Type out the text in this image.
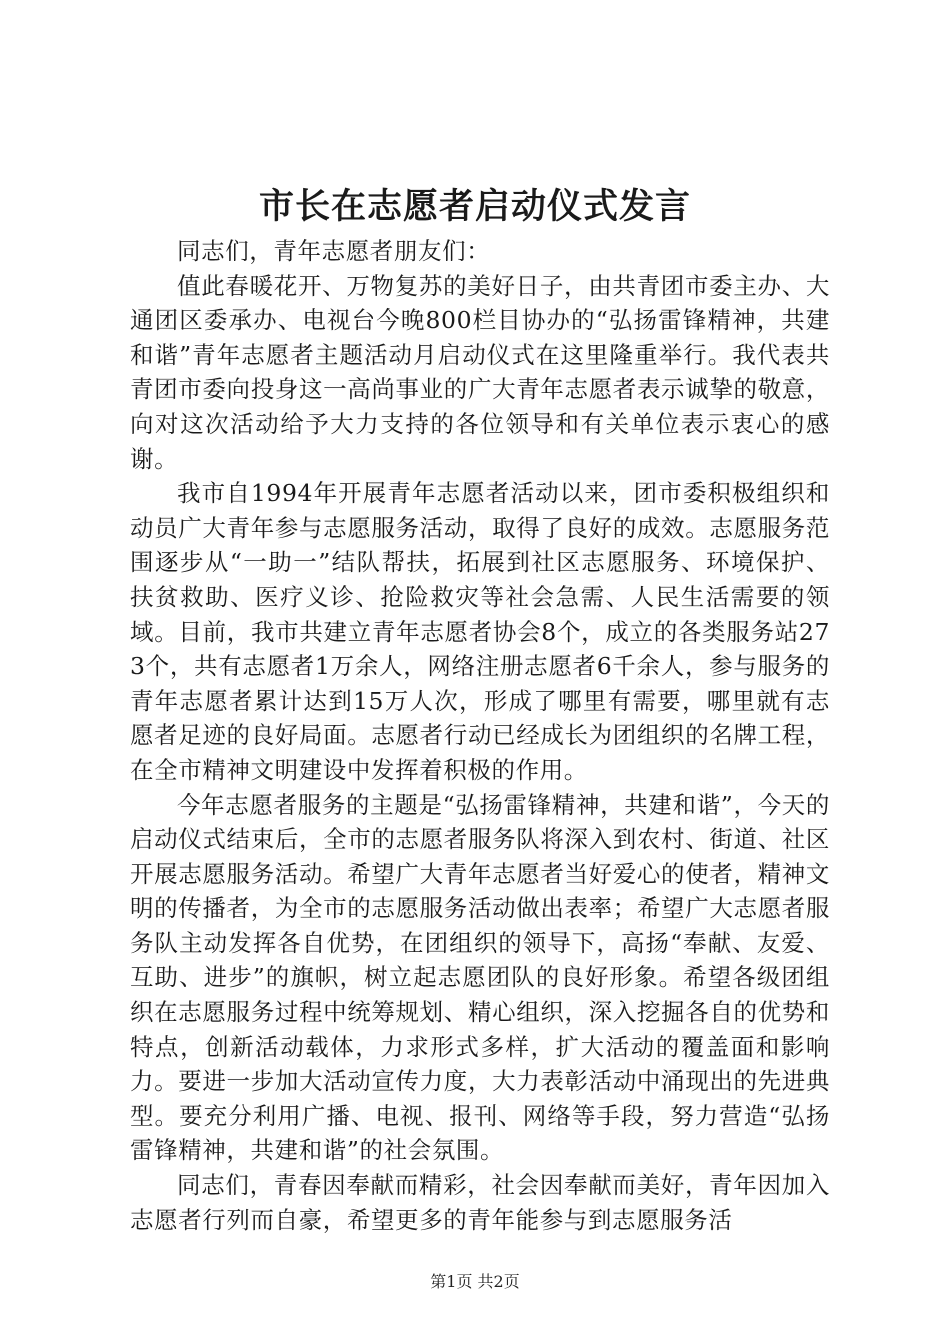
市长在志愿者启动仪式发言

同志们，青年志愿者朋友们：

值此春暖花开、万物复苏的美好日子，由共青团市委主办、大通团区委承办、电视台今晚800栏目协办的“弘扬雷锋精神，共建和谐”青年志愿者主题活动月启动仪式在这里隆重举行。我代表共青团市委向投身这一高尚事业的广大青年志愿者表示诚挚的敬意，向对这次活动给予大力支持的各位领导和有关单位表示衷心的感谢。

我市自1994年开展青年志愿者活动以来，团市委积极组织和动员广大青年参与志愿服务活动，取得了良好的成效。志愿服务范围逐步从“一助一”结队帮扶，拓展到社区志愿服务、环境保护、扶贫救助、医疗义诊、抢险救灾等社会急需、人民生活需要的领域。目前，我市共建立青年志愿者协会8个，成立的各类服务站273个，共有志愿者1万余人，网络注册志愿者6千余人，参与服务的青年志愿者累计达到15万人次，形成了哪里有需要，哪里就有志愿者足迹的良好局面。志愿者行动已经成长为团组织的名牌工程，在全市精神文明建设中发挥着积极的作用。

今年志愿者服务的主题是“弘扬雷锋精神，共建和谐”，今天的启动仪式结束后，全市的志愿者服务队将深入到农村、街道、社区开展志愿服务活动。希望广大青年志愿者当好爱心的使者，精神文明的传播者，为全市的志愿服务活动做出表率；希望广大志愿者服务队主动发挥各自优势，在团组织的领导下，高扬“奉献、友爱、互助、进步”的旗帜，树立起志愿团队的良好形象。希望各级团组织在志愿服务过程中统筹规划、精心组织，深入挖掘各自的优势和特点，创新活动载体，力求形式多样，扩大活动的覆盖面和影响力。要进一步加大活动宣传力度，大力表彰活动中涌现出的先进典型。要充分利用广播、电视、报刊、网络等手段，努力营造“弘扬雷锋精神，共建和谐”的社会氛围。

同志们，青春因奉献而精彩，社会因奉献而美好，青年因加入志愿者行列而自豪，希望更多的青年能参与到志愿服务活

第1页 共2页
